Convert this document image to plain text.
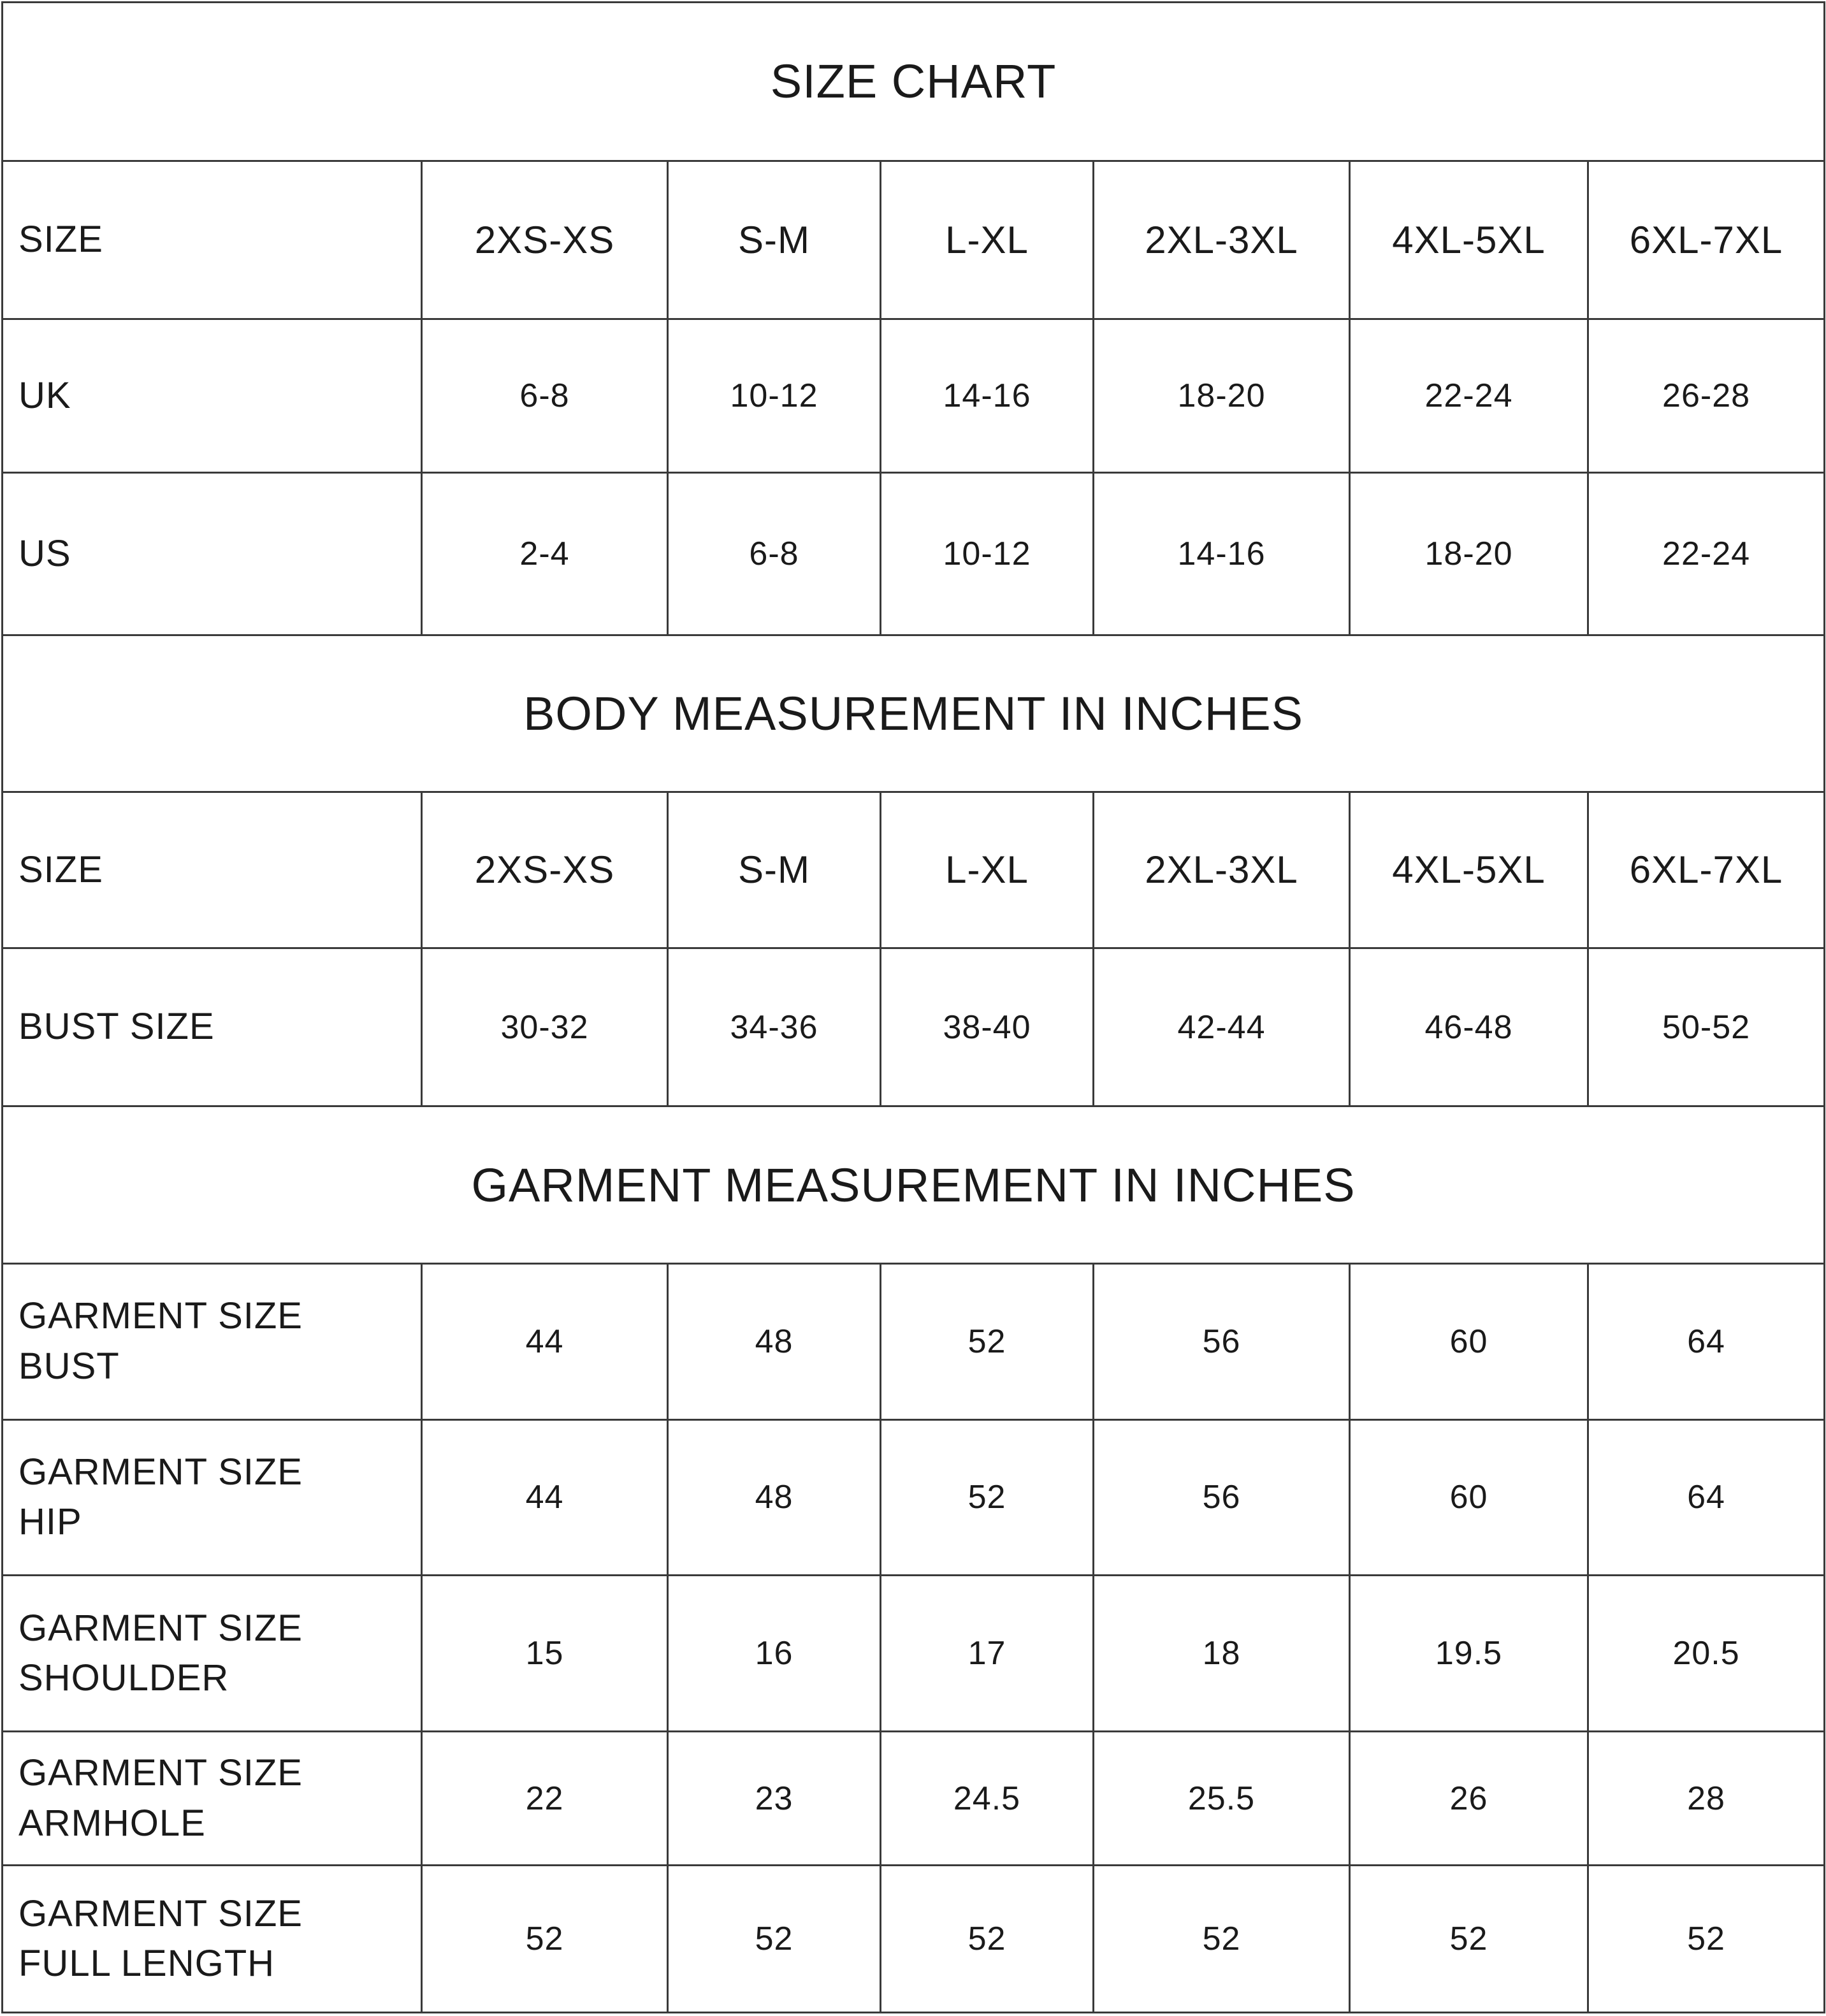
SIZE CHART						
SIZE	2XS-XS	S-M	L-XL	2XL-3XL	4XL-5XL	6XL-7XL
UK	6-8	10-12	14-16	18-20	22-24	26-28
US	2-4	6-8	10-12	14-16	18-20	22-24
BODY MEASUREMENT IN INCHES						
SIZE	2XS-XS	S-M	L-XL	2XL-3XL	4XL-5XL	6XL-7XL
BUST SIZE	30-32	34-36	38-40	42-44	46-48	50-52
GARMENT MEASUREMENT IN INCHES						

GARMENT SIZE
BUST	44	48	52	56	60	64

GARMENT SIZE
HIP	44	48	52	56	60	64

GARMENT SIZE
SHOULDER	15	16	17	18	19.5	20.5

GARMENT SIZE
ARMHOLE	22	23	24.5	25.5	26	28

GARMENT SIZE
FULL LENGTH	52	52	52	52	52	52
